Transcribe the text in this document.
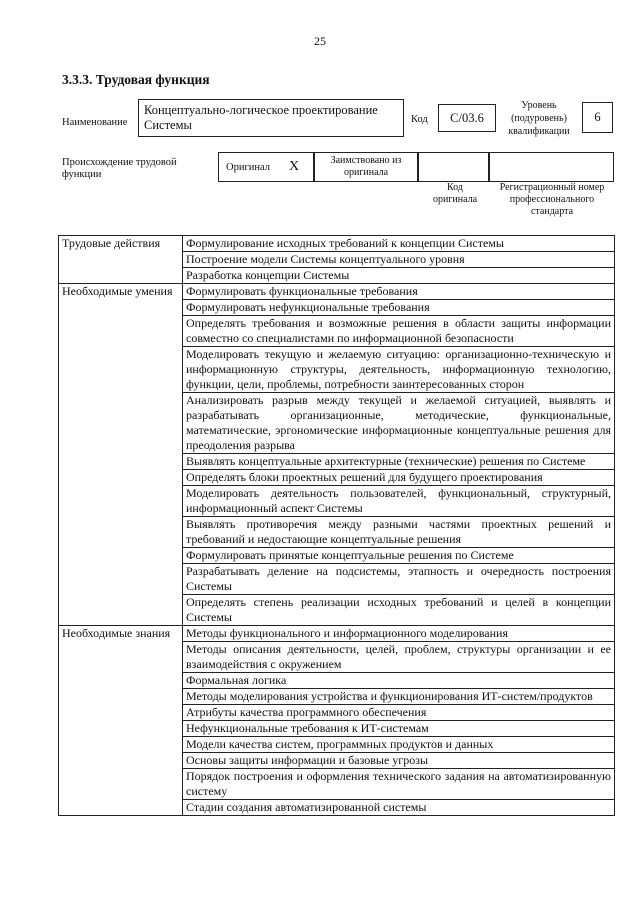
25
3.3.3. Трудовая функция
Наименование
Концептуально-логическое проектирование Системы	Код C/03.6
Уровень (подуровень) квалификации
6
Происхождение трудовой функции
Оригинал X	Заимствовано из оригинала
Код оригинала
Регистрационный номер профессионального стандарта
Трудовые действия	Формулирование исходных требований к концепции Системы
	Построение модели Системы концептуального уровня
	Разработка концепции Системы
Необходимые умения	Формулировать функциональные требования
	Формулировать нефункциональные требования
	Определять требования и возможные решения в области защиты информации совместно со специалистами по информационной безопасности
	Моделировать текущую и желаемую ситуацию: организационно-техническую и информационную структуры, деятельность, информационную технологию, функции, цели, проблемы, потребности заинтересованных сторон
	Анализировать разрыв между текущей и желаемой ситуацией, выявлять и разрабатывать организационные, методические, функциональные, математические, эргономические информационные концептуальные решения для преодоления разрыва
	Выявлять концептуальные архитектурные (технические) решения по Системе
	Определять блоки проектных решений для будущего проектирования
	Моделировать деятельность пользователей, функциональный, структурный, информационный аспект Системы
	Выявлять противоречия между разными частями проектных решений и требований и недостающие концептуальные решения
	Формулировать принятые концептуальные решения по Системе
	Разрабатывать деление на подсистемы, этапность и очередность построения Системы
	Определять степень реализации исходных требований и целей в концепции Системы
Необходимые знания	Методы функционального и информационного моделирования
	Методы описания деятельности, целей, проблем, структуры организации и ее взаимодействия с окружением
	Формальная логика
	Методы моделирования устройства и функционирования ИТ-систем/продуктов
	Атрибуты качества программного обеспечения
	Нефункциональные требования к ИТ-системам
	Модели качества систем, программных продуктов и данных
	Основы защиты информации и базовые угрозы
	Порядок построения и оформления технического задания на автоматизированную систему
	Стадии создания автоматизированной системы
